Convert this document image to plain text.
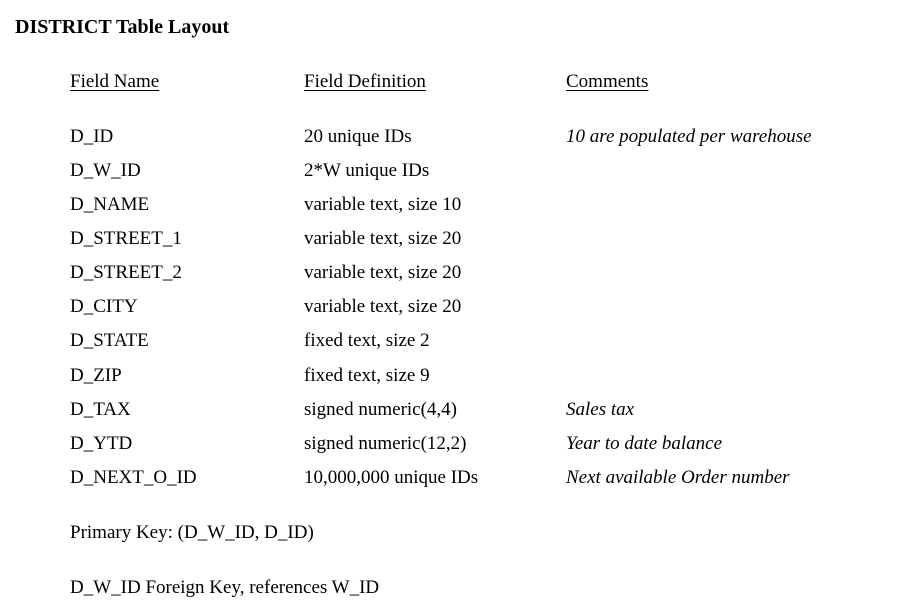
DISTRICT Table Layout
Field Name	Field Definition	Comments
D_ID	20 unique IDs	10 are populated per warehouse
D_W_ID	2*W unique IDs
D_NAME	variable text, size 10
D_STREET_1	variable text, size 20
D_STREET_2	variable text, size 20
D_CITY	variable text, size 20
D_STATE	fixed text, size 2
D_ZIP	fixed text, size 9
D_TAX	signed numeric(4,4)	Sales tax
D_YTD	signed numeric(12,2)	Year to date balance
D_NEXT_O_ID	10,000,000 unique IDs	Next available Order number
Primary Key: (D_W_ID, D_ID)
D_W_ID Foreign Key, references W_ID
